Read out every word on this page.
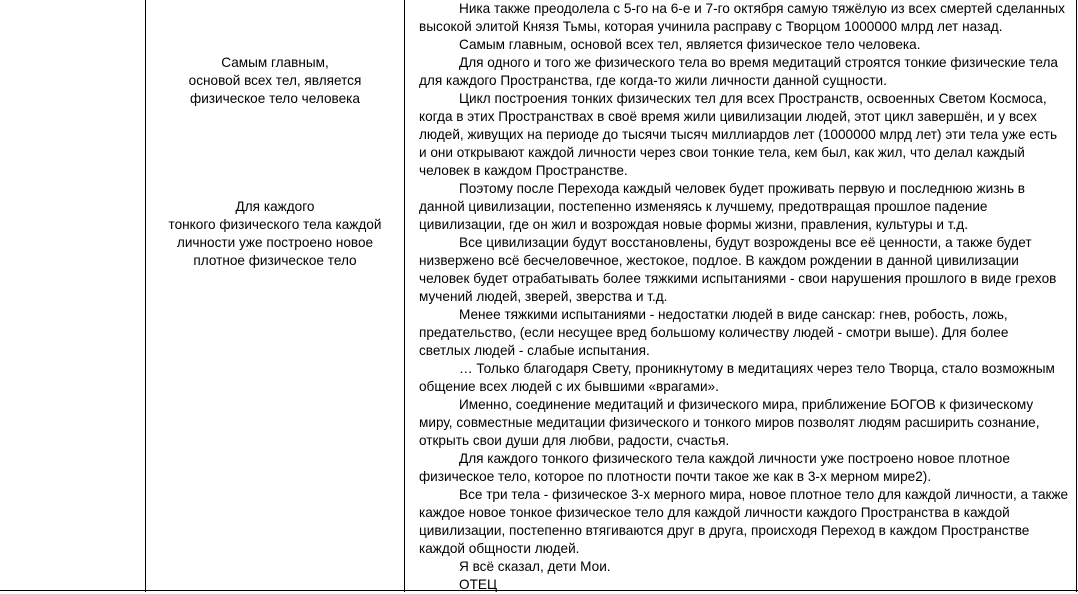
Самым главным,
основой всех тел, является
физическое тело человека
Для каждого
тонкого физического тела каждой
личности уже построено новое
плотное физическое тело

Ника также преодолела с 5-го на 6-е и 7-го октября самую тяжёлую из всех смертей сделанных
высокой элитой Князя Тьмы, которая учинила расправу с Творцом 1000000 млрд лет назад.

Самым главным, основой всех тел, является физическое тело человека.

Для одного и того же физического тела во время медитаций строятся тонкие физические тела
для каждого Пространства, где когда-то жили личности данной сущности.

Цикл построения тонких физических тел для всех Пространств, освоенных Светом Космоса,
когда в этих Пространствах в своё время жили цивилизации людей, этот цикл завершён, и у всех
людей, живущих на периоде до тысячи тысяч миллиардов лет (1000000 млрд лет) эти тела уже есть
и они открывают каждой личности через свои тонкие тела, кем был, как жил, что делал каждый
человек в каждом Пространстве.

Поэтому после Перехода каждый человек будет проживать первую и последнюю жизнь в
данной цивилизации, постепенно изменяясь к лучшему, предотвращая прошлое падение
цивилизации, где он жил и возрождая новые формы жизни, правления, культуры и т.д.

Все цивилизации будут восстановлены, будут возрождены все её ценности, а также будет
низвержено всё бесчеловечное, жестокое, подлое. В каждом рождении в данной цивилизации
человек будет отрабатывать более тяжкими испытаниями - свои нарушения прошлого в виде грехов
мучений людей, зверей, зверства и т.д.

Менее тяжкими испытаниями - недостатки людей в виде санскар: гнев, робость, ложь,
предательство, (если несущее вред большому количеству людей - смотри выше). Для более
светлых людей - слабые испытания.

… Только благодаря Свету, проникнутому в медитациях через тело Творца, стало возможным
общение всех людей с их бывшими «врагами».

Именно, соединение медитаций и физического мира, приближение БОГОВ к физическому
миру, совместные медитации физического и тонкого миров позволят людям расширить сознание,
открыть свои души для любви, радости, счастья.

Для каждого тонкого физического тела каждой личности уже построено новое плотное
физическое тело, которое по плотности почти такое же как в 3-х мерном мире2).

Все три тела - физическое 3-х мерного мира, новое плотное тело для каждой личности, а также
каждое новое тонкое физическое тело для каждой личности каждого Пространства в каждой
цивилизации, постепенно втягиваются друг в друга, происходя Переход в каждом Пространстве
каждой общности людей.

Я всё сказал, дети Мои.

ОТЕЦ
